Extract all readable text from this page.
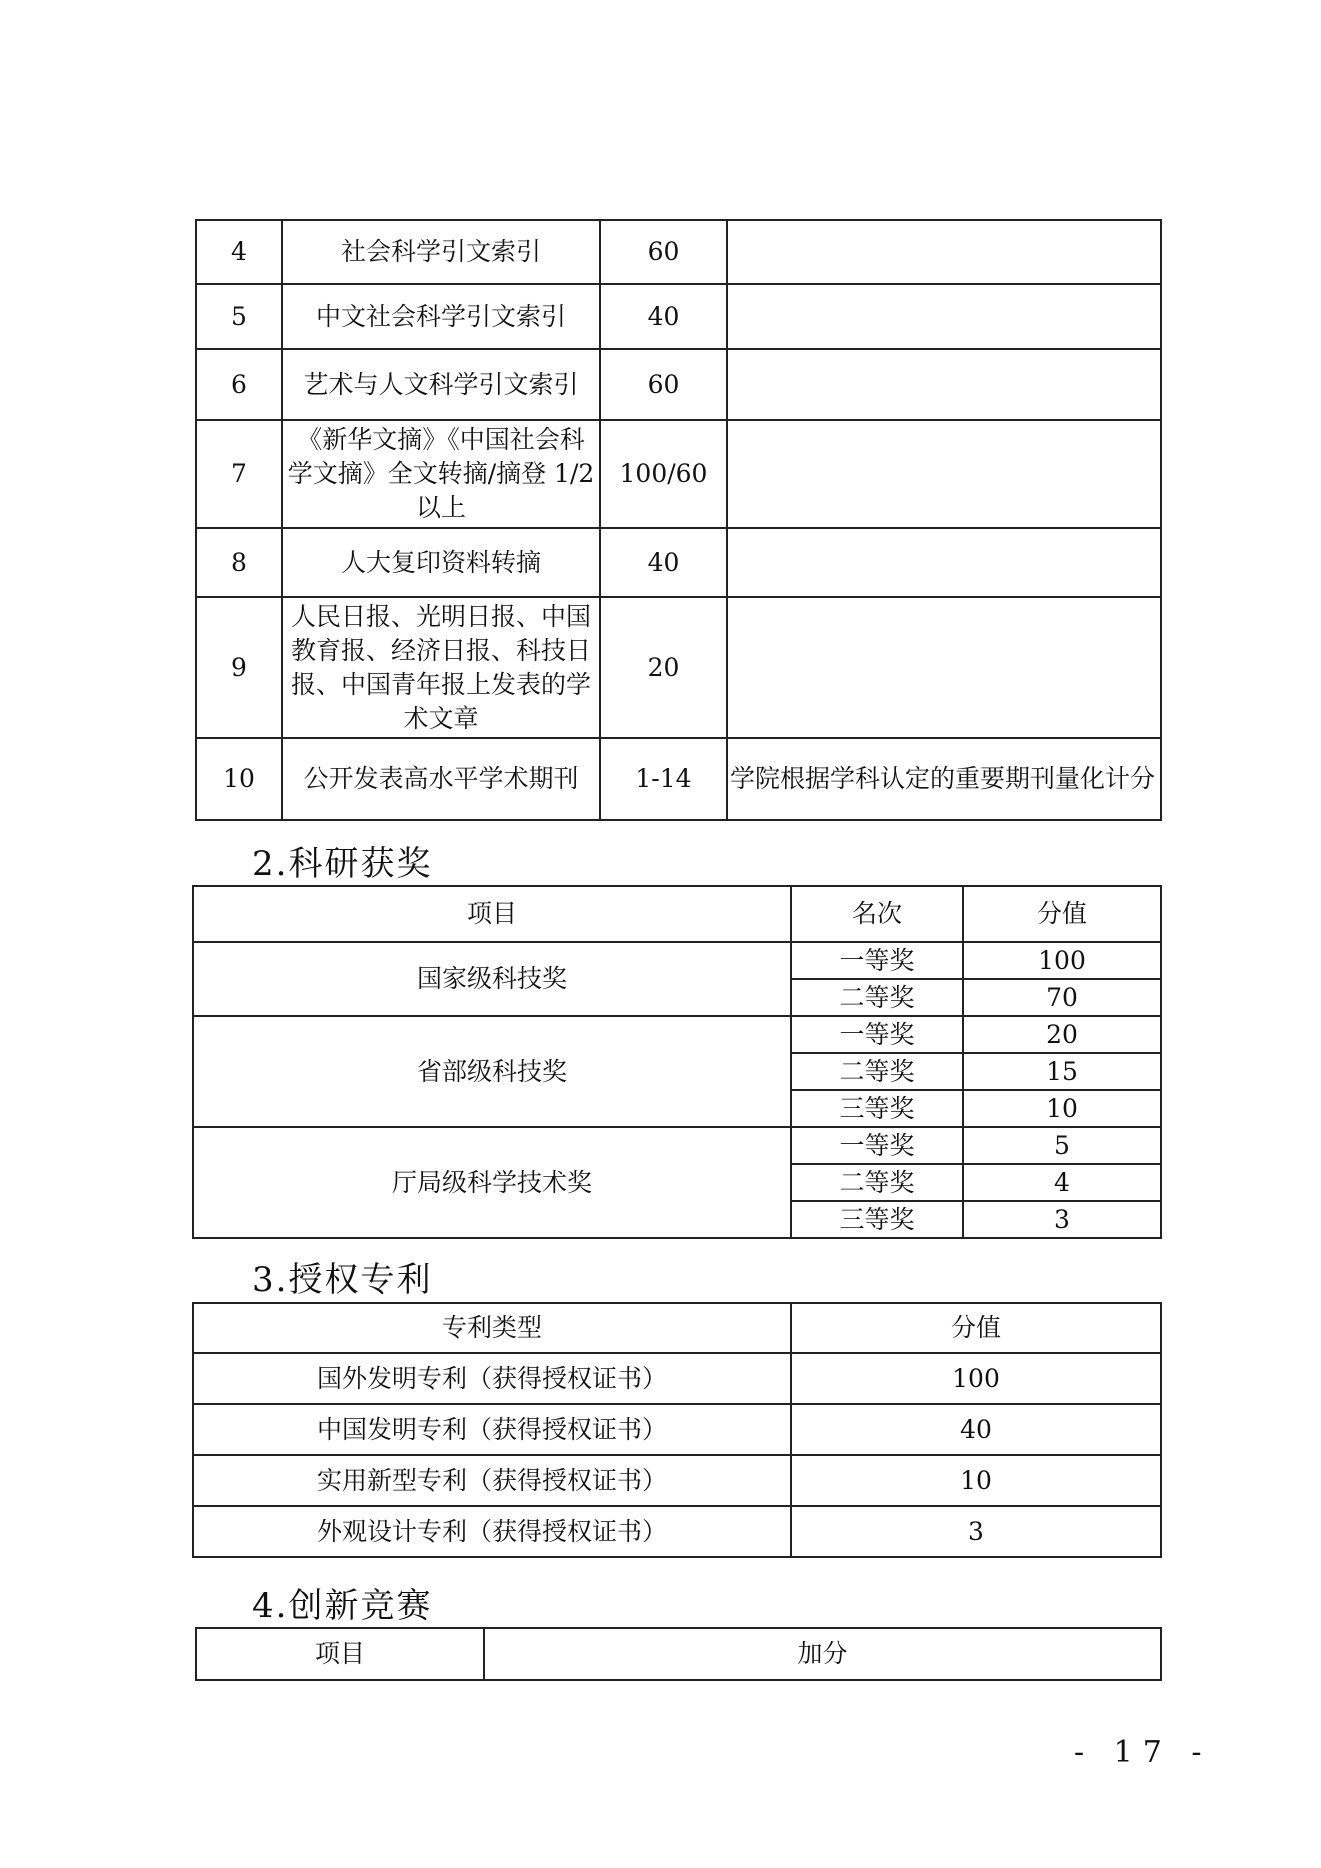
4	社会科学引文索引	60	
5	中文社会科学引文索引	40	
6	艺术与人文科学引文索引	60	
7	《新华文摘》《中国社会科学文摘》全文转摘/摘登 1/2 以上	100/60	
8	人大复印资料转摘	40	
9	人民日报、光明日报、中国教育报、经济日报、科技日报、中国青年报上发表的学术文章	20	
10	公开发表高水平学术期刊	1-14	学院根据学科认定的重要期刊量化计分
2.科研获奖
项目	名次	分值
国家级科技奖	一等奖	100
	二等奖	70
省部级科技奖	一等奖	20
	二等奖	15
	三等奖	10
厅局级科学技术奖	一等奖	5
	二等奖	4
	三等奖	3
3.授权专利
专利类型	分值
国外发明专利（获得授权证书）	100
中国发明专利（获得授权证书）	40
实用新型专利（获得授权证书）	10
外观设计专利（获得授权证书）	3
4.创新竞赛
项目	加分
- 17 -
